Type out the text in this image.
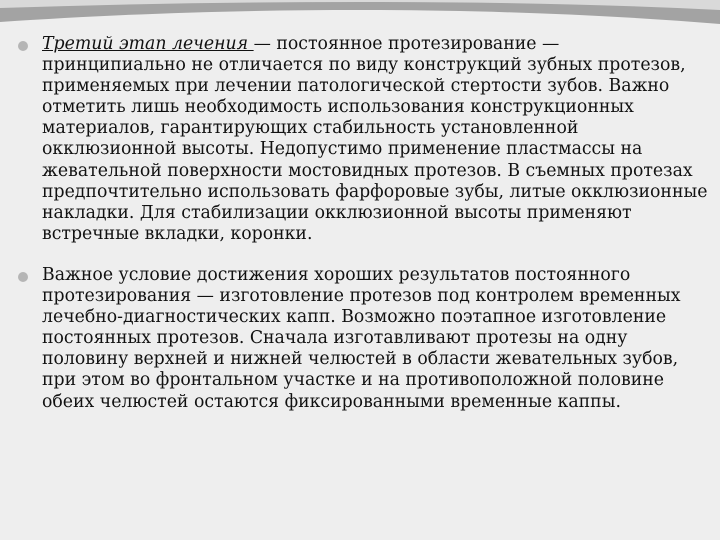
Третий этап лечения — постоянное протезирование — принципиально не отличается по виду конструкций зубных протезов, применяемых при лечении патологической стертости зубов. Важно отметить лишь необходимость использования конструкционных материалов, гарантирующих стабильность установленной окклюзионной высоты. Недопустимо применение пластмассы на жевательной поверхности мостовидных протезов. В съемных протезах предпочтительно использовать фарфоровые зубы, литые окклюзионные накладки. Для стабилизации окклюзионной высоты применяют встречные вкладки, коронки.
Важное условие достижения хороших результатов постоянного протезирования — изготовление протезов под контролем временных лечебно-диагностических капп. Возможно поэтапное изготовление постоянных протезов. Сначала изготавливают протезы на одну половину верхней и нижней челюстей в области жевательных зубов, при этом во фронтальном участке и на противоположной половине обеих челюстей остаются фиксированными временные каппы.
